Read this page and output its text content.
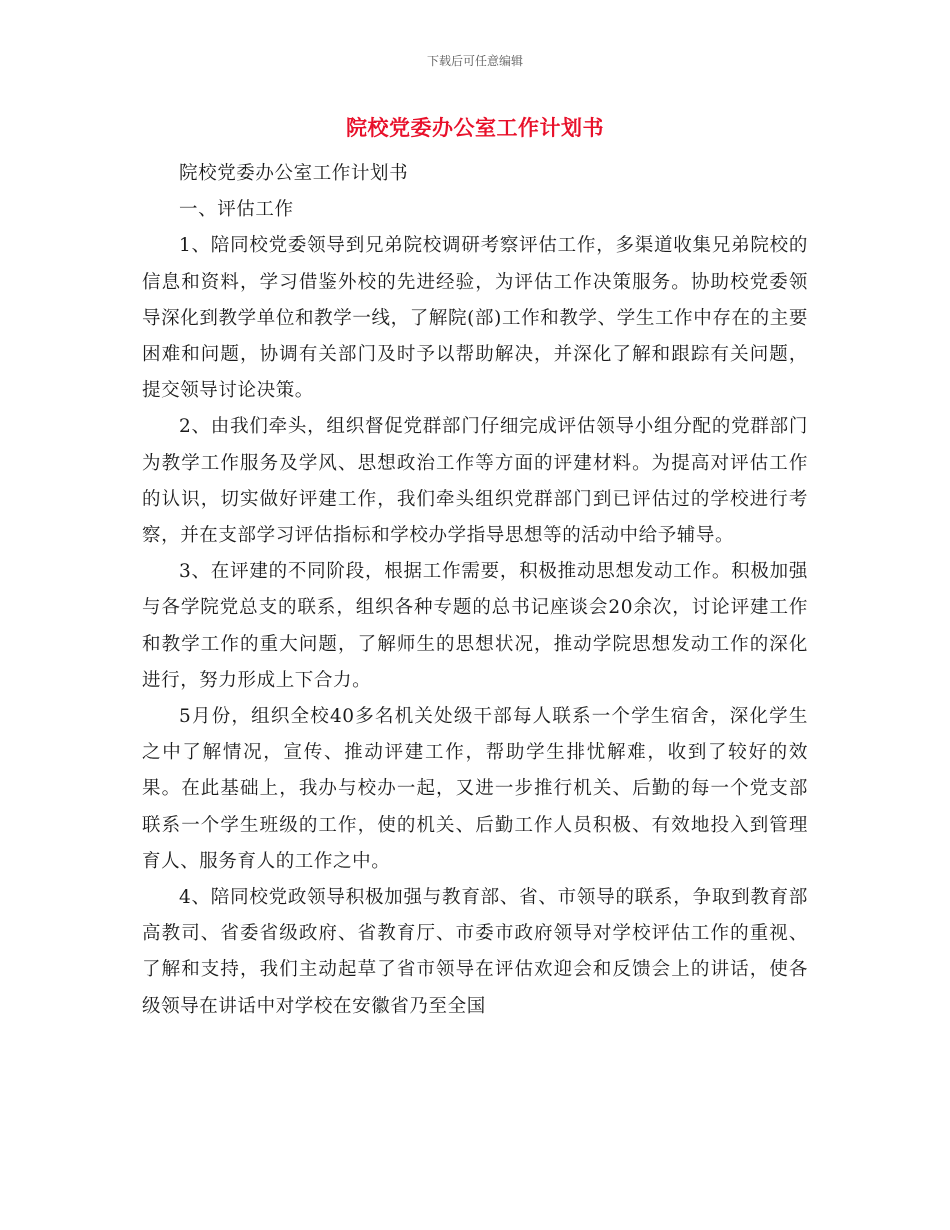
下载后可任意编辑
院校党委办公室工作计划书

院校党委办公室工作计划书

一、评估工作

1、陪同校党委领导到兄弟院校调研考察评估工作，多渠道收集兄弟院校的信息和资料，学习借鉴外校的先进经验，为评估工作决策服务。协助校党委领导深化到教学单位和教学一线，了解院(部)工作和教学、学生工作中存在的主要困难和问题，协调有关部门及时予以帮助解决，并深化了解和跟踪有关问题，提交领导讨论决策。

2、由我们牵头，组织督促党群部门仔细完成评估领导小组分配的党群部门为教学工作服务及学风、思想政治工作等方面的评建材料。为提高对评估工作的认识，切实做好评建工作，我们牵头组织党群部门到已评估过的学校进行考察，并在支部学习评估指标和学校办学指导思想等的活动中给予辅导。

3、在评建的不同阶段，根据工作需要，积极推动思想发动工作。积极加强与各学院党总支的联系，组织各种专题的总书记座谈会20余次，讨论评建工作和教学工作的重大问题，了解师生的思想状况，推动学院思想发动工作的深化进行，努力形成上下合力。

5月份，组织全校40多名机关处级干部每人联系一个学生宿舍，深化学生之中了解情况，宣传、推动评建工作，帮助学生排忧解难，收到了较好的效果。在此基础上，我办与校办一起，又进一步推行机关、后勤的每一个党支部联系一个学生班级的工作，使的机关、后勤工作人员积极、有效地投入到管理育人、服务育人的工作之中。

4、陪同校党政领导积极加强与教育部、省、市领导的联系，争取到教育部高教司、省委省级政府、省教育厅、市委市政府领导对学校评估工作的重视、了解和支持，我们主动起草了省市领导在评估欢迎会和反馈会上的讲话，使各级领导在讲话中对学校在安徽省乃至全国
